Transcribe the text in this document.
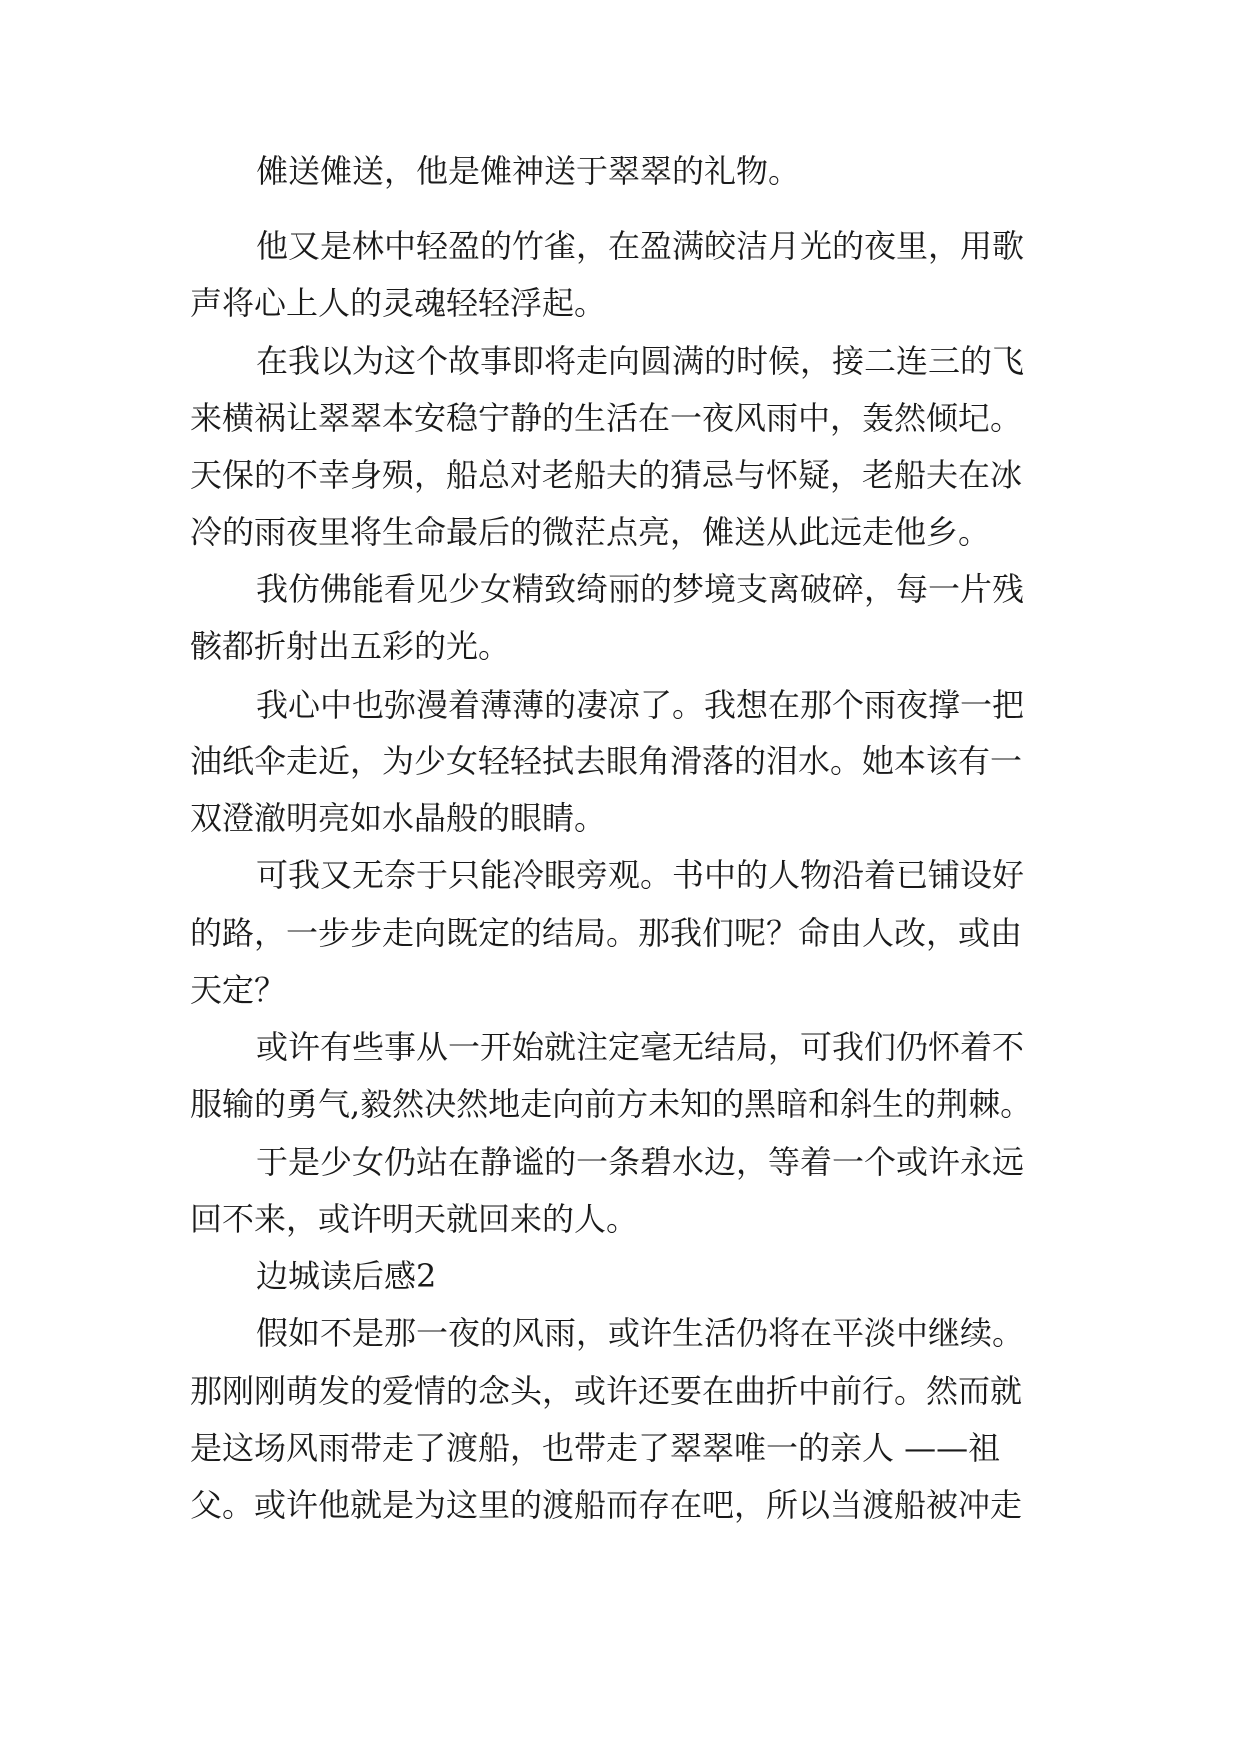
傩送傩送，他是傩神送于翠翠的礼物。
他又是林中轻盈的竹雀，在盈满皎洁月光的夜里，用歌
声将心上人的灵魂轻轻浮起。
在我以为这个故事即将走向圆满的时候，接二连三的飞
来横祸让翠翠本安稳宁静的生活在一夜风雨中，轰然倾圮。
天保的不幸身殒，船总对老船夫的猜忌与怀疑，老船夫在冰
冷的雨夜里将生命最后的微茫点亮，傩送从此远走他乡。
我仿佛能看见少女精致绮丽的梦境支离破碎，每一片残
骸都折射出五彩的光。
我心中也弥漫着薄薄的凄凉了。我想在那个雨夜撑一把
油纸伞走近，为少女轻轻拭去眼角滑落的泪水。她本该有一
双澄澈明亮如水晶般的眼睛。
可我又无奈于只能冷眼旁观。书中的人物沿着已铺设好
的路，一步步走向既定的结局。那我们呢？命由人改，或由
天定？
或许有些事从一开始就注定毫无结局，可我们仍怀着不
服输的勇气,毅然决然地走向前方未知的黑暗和斜生的荆棘。
于是少女仍站在静谧的一条碧水边，等着一个或许永远
回不来，或许明天就回来的人。
边城读后感2
假如不是那一夜的风雨，或许生活仍将在平淡中继续。
那刚刚萌发的爱情的念头，或许还要在曲折中前行。然而就
是这场风雨带走了渡船，也带走了翠翠唯一的亲人 ——祖
父。或许他就是为这里的渡船而存在吧，所以当渡船被冲走
